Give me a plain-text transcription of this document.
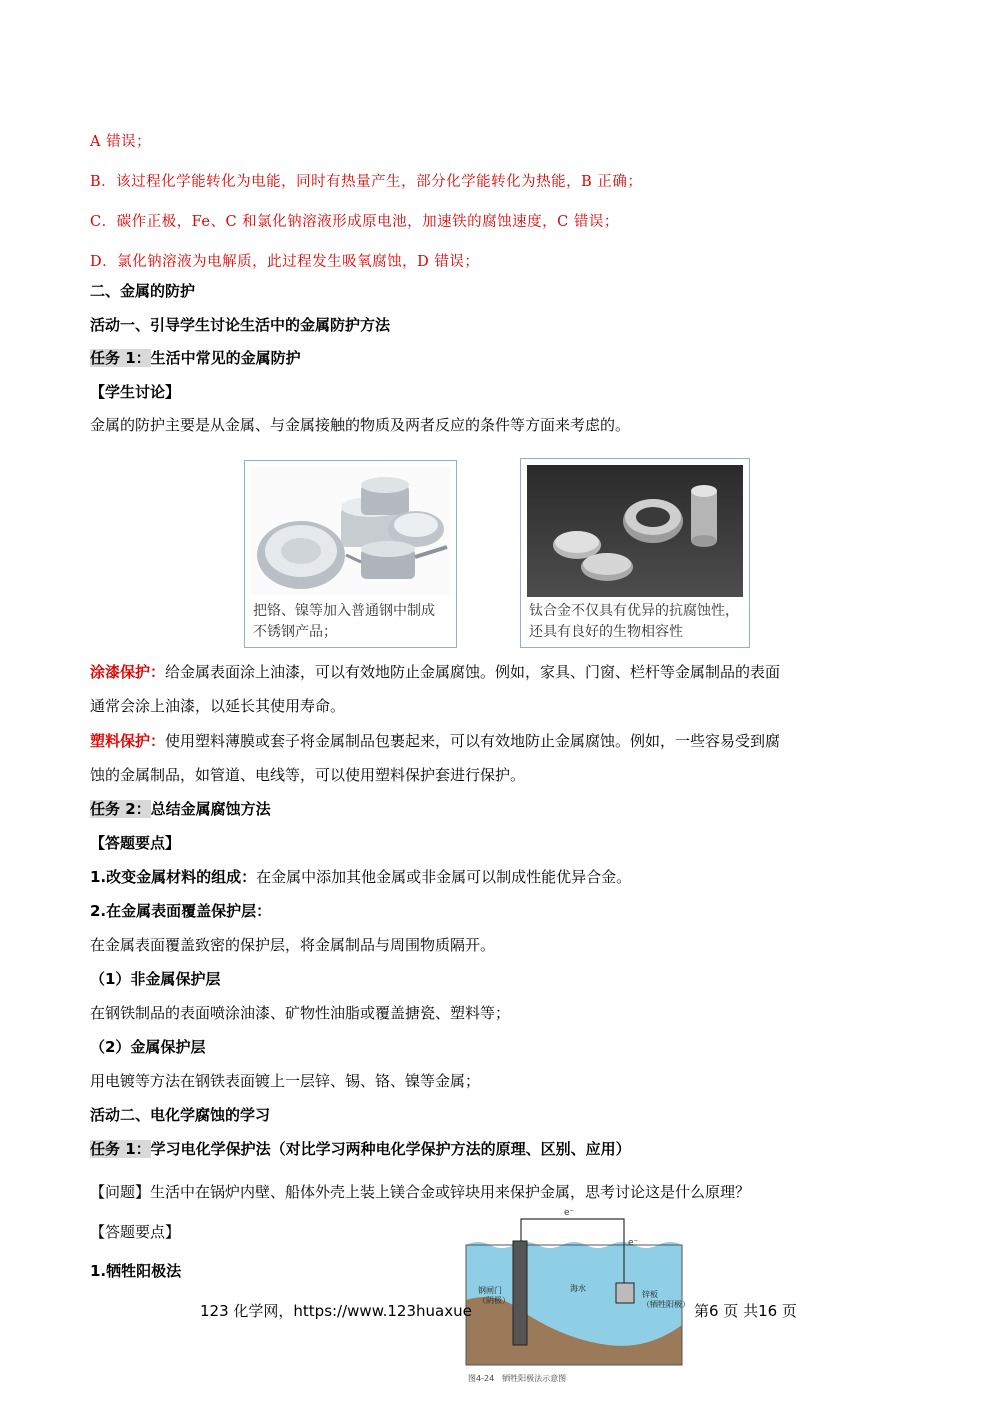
A 错误；
B．该过程化学能转化为电能，同时有热量产生，部分化学能转化为热能，B 正确；
C．碳作正极，Fe、C 和氯化钠溶液形成原电池，加速铁的腐蚀速度，C 错误；
D．氯化钠溶液为电解质，此过程发生吸氧腐蚀，D 错误；
二、金属的防护
活动一、引导学生讨论生活中的金属防护方法
任务 1：生活中常见的金属防护
【学生讨论】
金属的防护主要是从金属、与金属接触的物质及两者反应的条件等方面来考虑的。
把铬、镍等加入普通钢中制成不锈钢产品；
钛合金不仅具有优异的抗腐蚀性，还具有良好的生物相容性
涂漆保护：给金属表面涂上油漆，可以有效地防止金属腐蚀。例如，家具、门窗、栏杆等金属制品的表面
通常会涂上油漆，以延长其使用寿命。
塑料保护：使用塑料薄膜或套子将金属制品包裹起来，可以有效地防止金属腐蚀。例如，一些容易受到腐
蚀的金属制品，如管道、电线等，可以使用塑料保护套进行保护。
任务 2：总结金属腐蚀方法
【答题要点】
1.改变金属材料的组成：在金属中添加其他金属或非金属可以制成性能优异合金。
2.在金属表面覆盖保护层：
在金属表面覆盖致密的保护层，将金属制品与周围物质隔开。
（1）非金属保护层
在钢铁制品的表面喷涂油漆、矿物性油脂或覆盖搪瓷、塑料等；
（2）金属保护层
用电镀等方法在钢铁表面镀上一层锌、锡、铬、镍等金属；
活动二、电化学腐蚀的学习
任务 1：学习电化学保护法（对比学习两种电化学保护方法的原理、区别、应用）
【问题】生活中在锅炉内壁、船体外壳上装上镁合金或锌块用来保护金属，思考讨论这是什么原理？
【答题要点】
1.牺牲阳极法
e⁻
e⁻
钢闸门（阴极）
锌板（牺牲阳极）
海水
图4-24　牺牲阳极法示意图
123 化学网，https://www.123huaxue	第6 页 共16 页
